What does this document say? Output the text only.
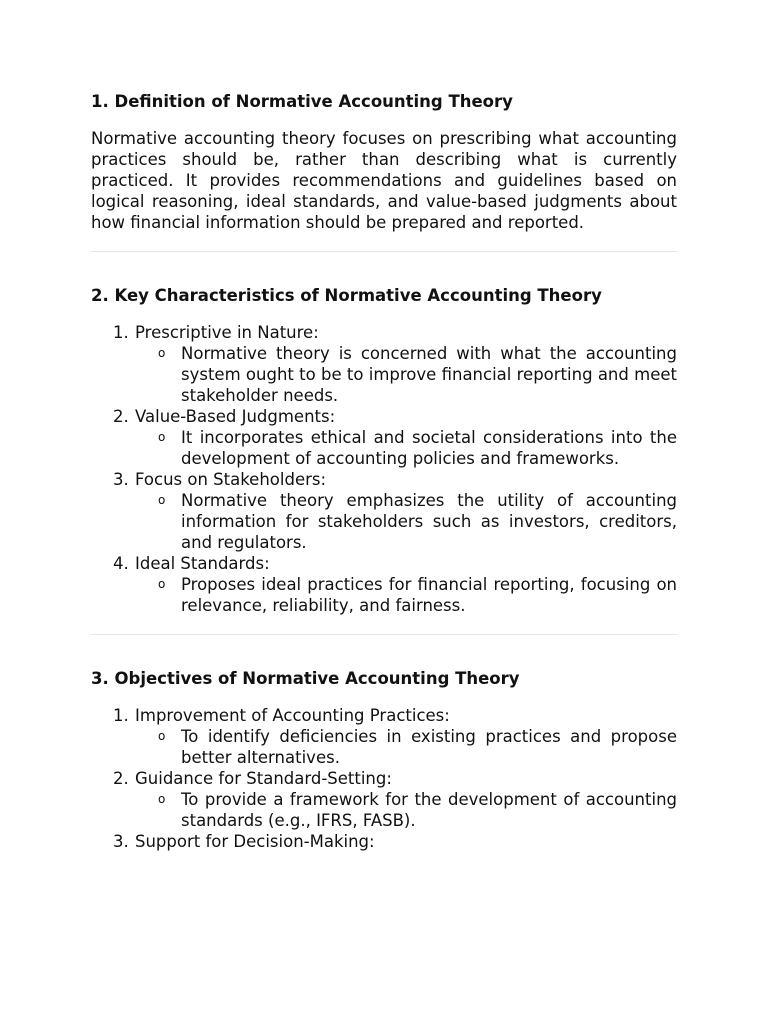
1. Definition of Normative Accounting Theory

Normative accounting theory focuses on prescribing what accounting practices should be, rather than describing what is currently practiced. It provides recommendations and guidelines based on logical reasoning, ideal standards, and value-based judgments about how financial information should be prepared and reported.

2. Key Characteristics of Normative Accounting Theory
1. Prescriptive in Nature:
o Normative theory is concerned with what the accounting system ought to be to improve financial reporting and meet stakeholder needs.
2. Value-Based Judgments:
o It incorporates ethical and societal considerations into the development of accounting policies and frameworks.
3. Focus on Stakeholders:
o Normative theory emphasizes the utility of accounting information for stakeholders such as investors, creditors, and regulators.
4. Ideal Standards:
o Proposes ideal practices for financial reporting, focusing on relevance, reliability, and fairness.
3. Objectives of Normative Accounting Theory
1. Improvement of Accounting Practices:
o To identify deficiencies in existing practices and propose better alternatives.
2. Guidance for Standard-Setting:
o To provide a framework for the development of accounting standards (e.g., IFRS, FASB).
3. Support for Decision-Making:
